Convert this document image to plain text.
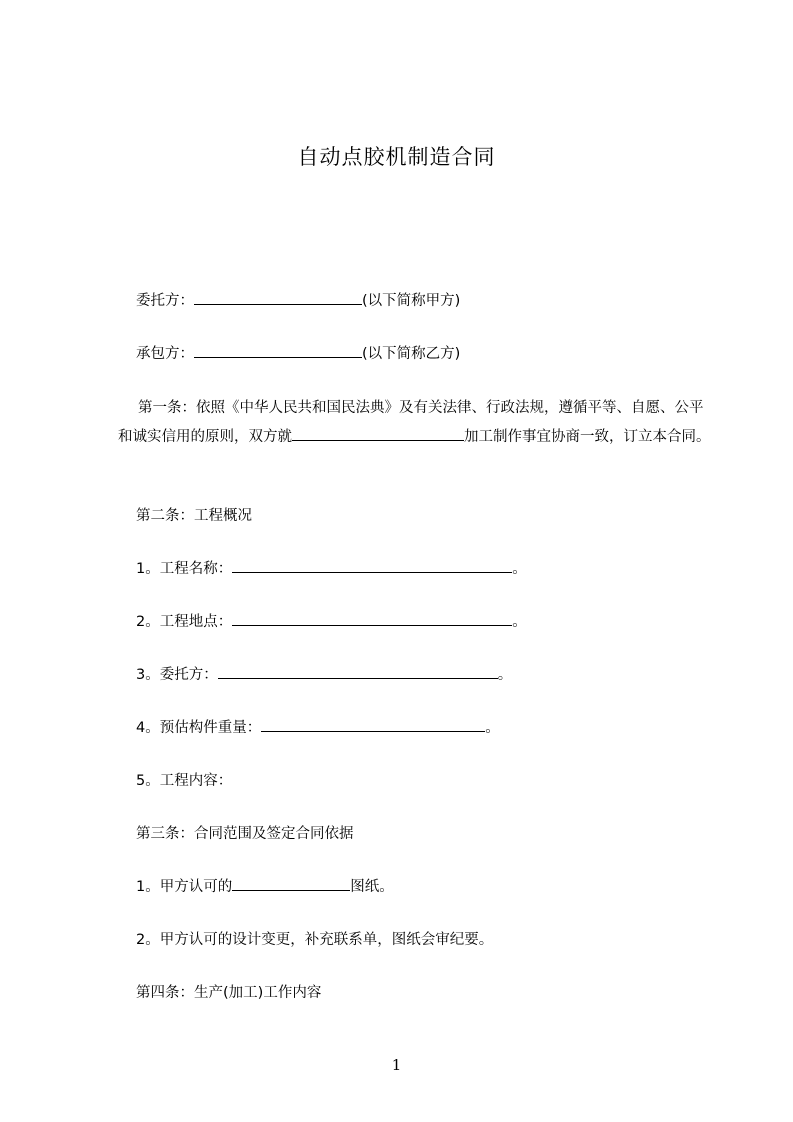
自动点胶机制造合同
委托方：	(以下简称甲方)
承包方：	(以下简称乙方)
第一条：依照《中华人民共和国民法典》及有关法律、行政法规，遵循平等、自愿、公平和诚实信用的原则，双方就	加工制作事宜协商一致，订立本合同。
第二条：工程概况
1。工程名称：	。
2。工程地点：	。
3。委托方：	。
4。预估构件重量：	。
5。工程内容：
第三条：合同范围及签定合同依据
1。甲方认可的	图纸。
2。甲方认可的设计变更，补充联系单，图纸会审纪要。
第四条：生产(加工)工作内容
1
